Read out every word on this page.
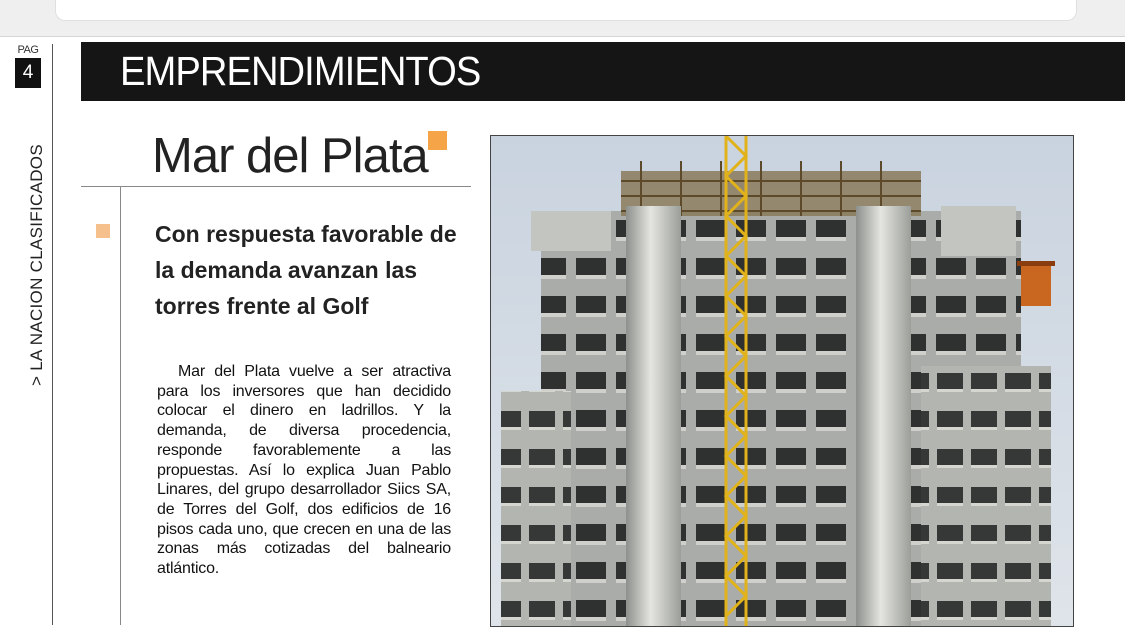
PAG
4
> LA NACION CLASIFICADOS
EMPRENDIMIENTOS
Mar del Plata
Con respuesta favorable de la demanda avanzan las torres frente al Golf

Mar del Plata vuelve a ser atractiva para los inversores que han decidido colocar el dinero en ladrillos. Y la demanda, de diversa procedencia, responde favorablemente a las propuestas. Así lo explica Juan Pablo Linares, del grupo desarrollador Siics SA, de Torres del Golf, dos edificios de 16 pisos cada uno, que crecen en una de las zonas más cotizadas del balneario atlántico.
